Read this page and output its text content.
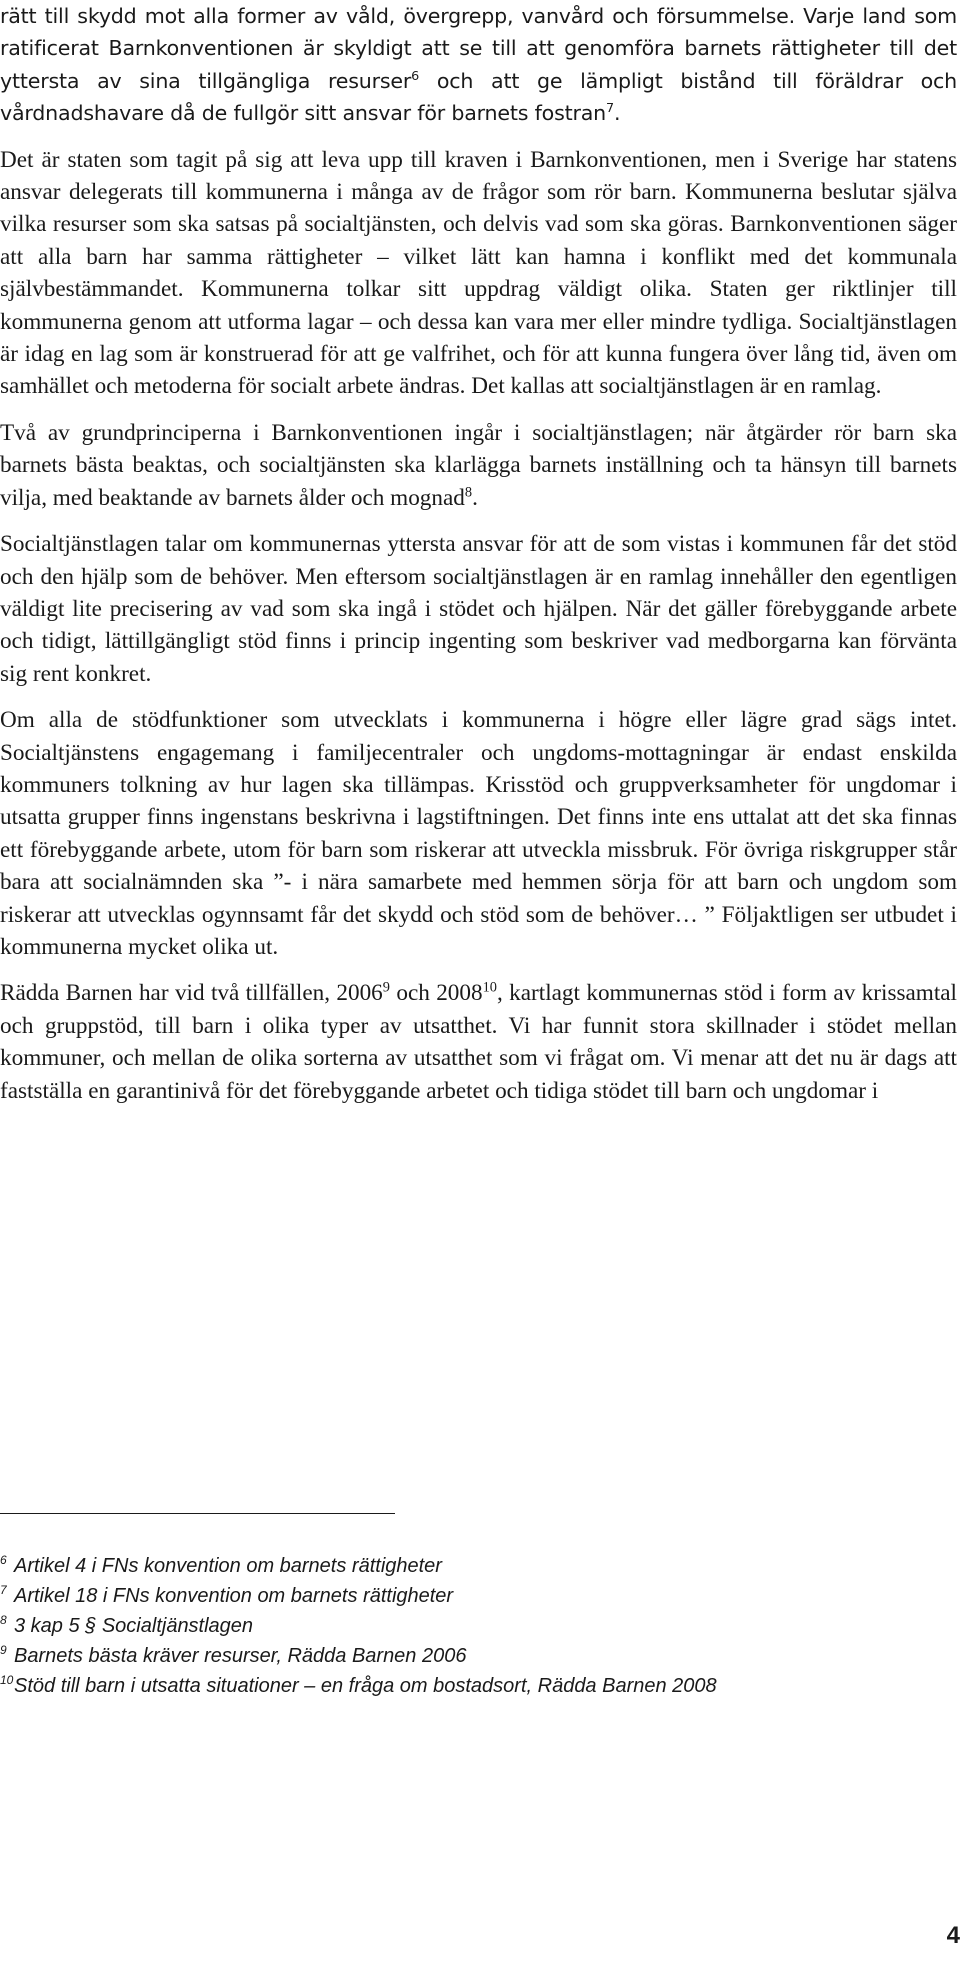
rätt till skydd mot alla former av våld, övergrepp, vanvård och försummelse. Varje land som ratificerat Barnkonventionen är skyldigt att se till att genomföra barnets rättigheter till det yttersta av sina tillgängliga resurser$^6$ och att ge lämpligt bistånd till föräldrar och vårdnadshavare då de fullgör sitt ansvar för barnets fostran$^7$.

Det är staten som tagit på sig att leva upp till kraven i Barnkonventionen, men i Sverige har statens ansvar delegerats till kommunerna i många av de frågor som rör barn. Kommunerna beslutar själva vilka resurser som ska satsas på socialtjänsten, och delvis vad som ska göras. Barnkonventionen säger att alla barn har samma rättigheter – vilket lätt kan hamna i konflikt med det kommunala självbestämmandet. Kommunerna tolkar sitt uppdrag väldigt olika. Staten ger riktlinjer till kommunerna genom att utforma lagar – och dessa kan vara mer eller mindre tydliga. Socialtjänstlagen är idag en lag som är konstruerad för att ge valfrihet, och för att kunna fungera över lång tid, även om samhället och metoderna för socialt arbete ändras. Det kallas att socialtjänstlagen är en ramlag.

Två av grundprinciperna i Barnkonventionen ingår i socialtjänstlagen; när åtgärder rör barn ska barnets bästa beaktas, och socialtjänsten ska klarlägga barnets inställning och ta hänsyn till barnets vilja, med beaktande av barnets ålder och mognad$^8$.

Socialtjänstlagen talar om kommunernas yttersta ansvar för att de som vistas i kommunen får det stöd och den hjälp som de behöver. Men eftersom socialtjänstlagen är en ramlag innehåller den egentligen väldigt lite precisering av vad som ska ingå i stödet och hjälpen. När det gäller förebyggande arbete och tidigt, lättillgängligt stöd finns i princip ingenting som beskriver vad medborgarna kan förvänta sig rent konkret.

Om alla de stödfunktioner som utvecklats i kommunerna i högre eller lägre grad sägs intet. Socialtjänstens engagemang i familjecentraler och ungdoms-mottagningar är endast enskilda kommuners tolkning av hur lagen ska tillämpas. Krisstöd och gruppverksamheter för ungdomar i utsatta grupper finns ingenstans beskrivna i lagstiftningen. Det finns inte ens uttalat att det ska finnas ett förebyggande arbete, utom för barn som riskerar att utveckla missbruk. För övriga riskgrupper står bara att socialnämnden ska ”- i nära samarbete med hemmen sörja för att barn och ungdom som riskerar att utvecklas ogynnsamt får det skydd och stöd som de behöver… ” Följaktligen ser utbudet i kommunerna mycket olika ut.

Rädda Barnen har vid två tillfällen, 2006$^9$ och 2008$^{10}$, kartlagt kommunernas stöd i form av krissamtal och gruppstöd, till barn i olika typer av utsatthet. Vi har funnit stora skillnader i stödet mellan kommuner, och mellan de olika sorterna av utsatthet som vi frågat om. Vi menar att det nu är dags att fastställa en garantinivå för det förebyggande arbetet och tidiga stödet till barn och ungdomar i

6 Artikel 4 i FNs konvention om barnets rättigheter

7 Artikel 18 i FNs konvention om barnets rättigheter

8 3 kap 5 § Socialtjänstlagen

9 Barnets bästa kräver resurser, Rädda Barnen 2006

10Stöd till barn i utsatta situationer – en fråga om bostadsort, Rädda Barnen 2008

4
